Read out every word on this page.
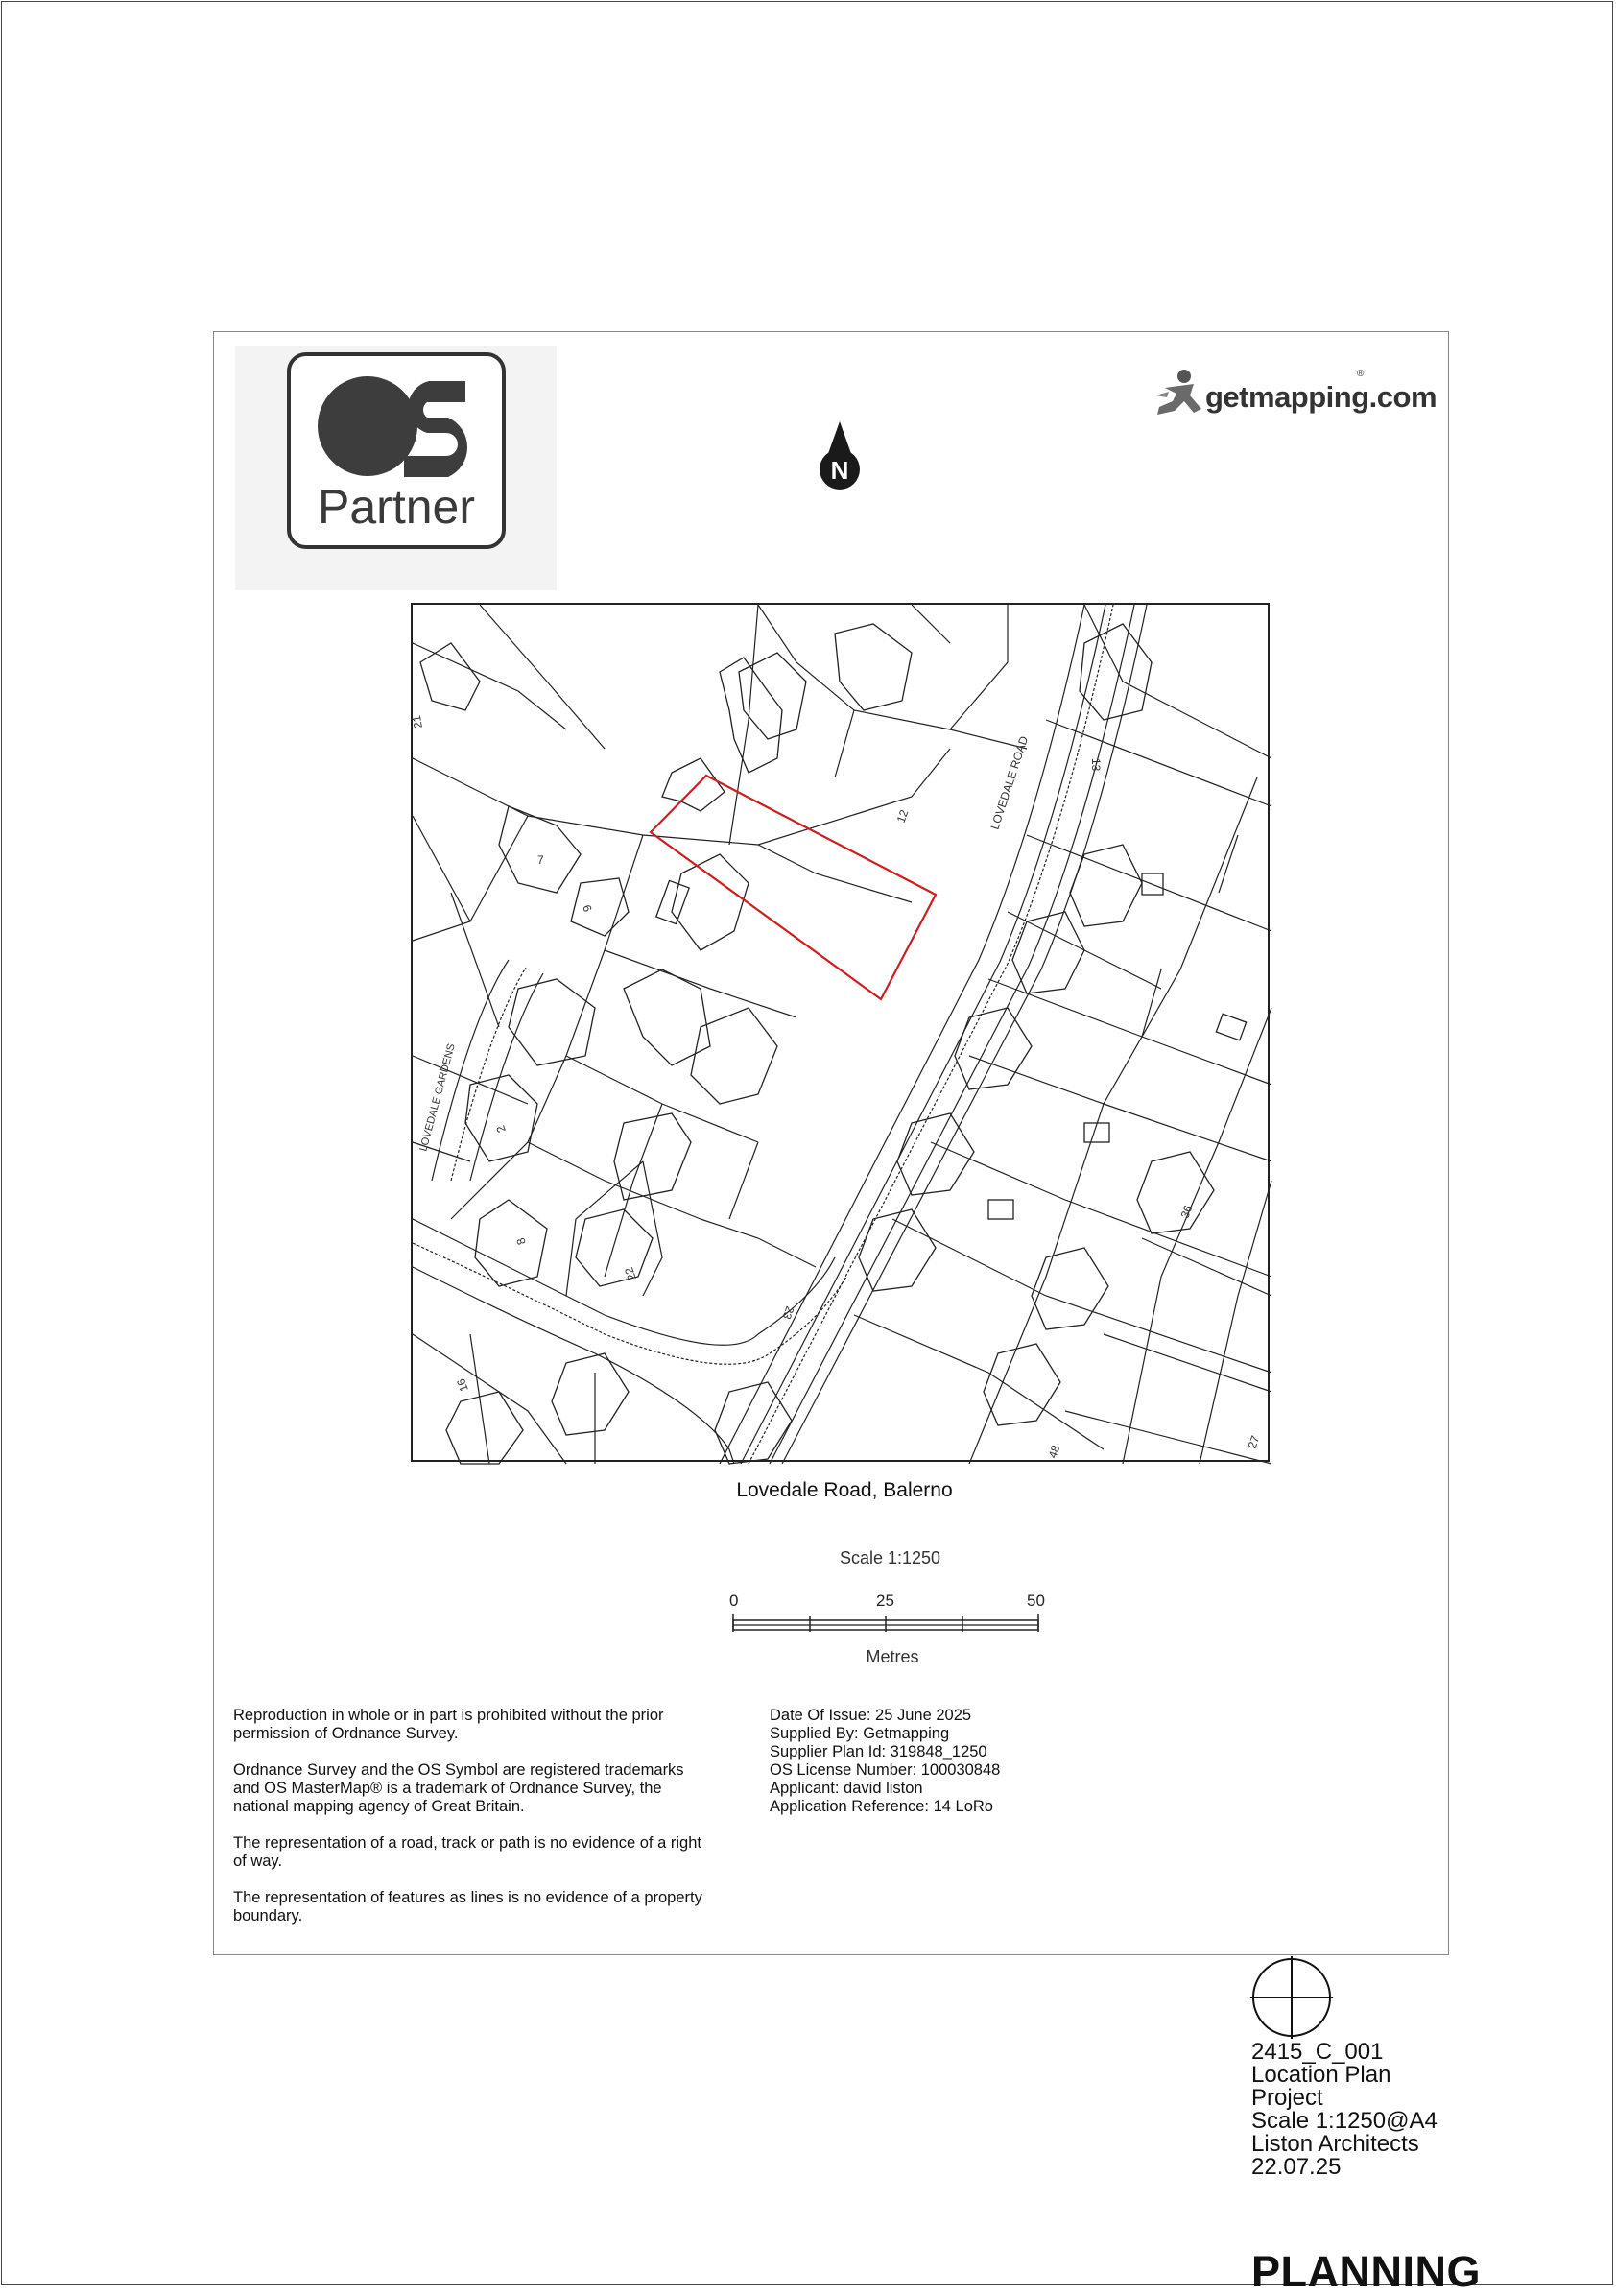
Partner
getmapping.com
®
N
LOVEDALE ROAD
LOVEDALE GARDENS
21
7
9
12
13
2
8
22
23
36
48
16
27
Lovedale Road, Balerno
Scale 1:1250
0	25	50
Metres

Reproduction in whole or in part is prohibited without the prior permission of Ordnance Survey.

Ordnance Survey and the OS Symbol are registered trademarks and OS MasterMap® is a trademark of Ordnance Survey, the national mapping agency of Great Britain.

The representation of a road, track or path is no evidence of a right of way.

The representation of features as lines is no evidence of a property boundary.

Date Of Issue: 25 June 2025
Supplied By: Getmapping
Supplier Plan Id: 319848_1250
OS License Number: 100030848
Applicant: david liston
Application Reference: 14 LoRo
2415_C_001
Location Plan
Project
Scale 1:1250@A4
Liston Architects
22.07.25
PLANNING
